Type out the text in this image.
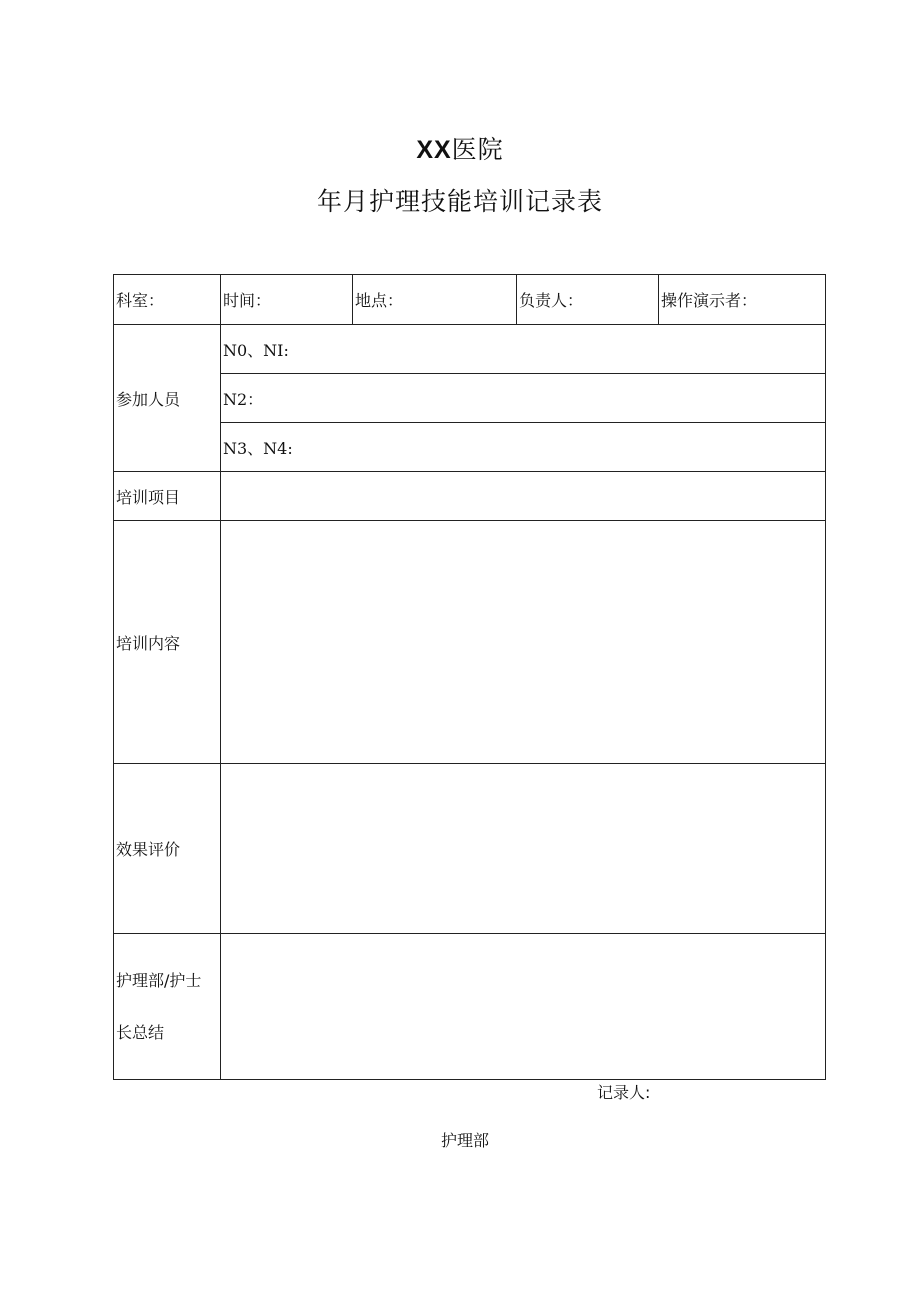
XX医院
年月护理技能培训记录表
科室：	时间：	地点：	负责人：	操作演示者：
参加人员	N0、NI:			
	N2：			
	N3、N4:			
培训项目				
培训内容				
效果评价				
护理部/护士长总结				
记录人:
护理部
